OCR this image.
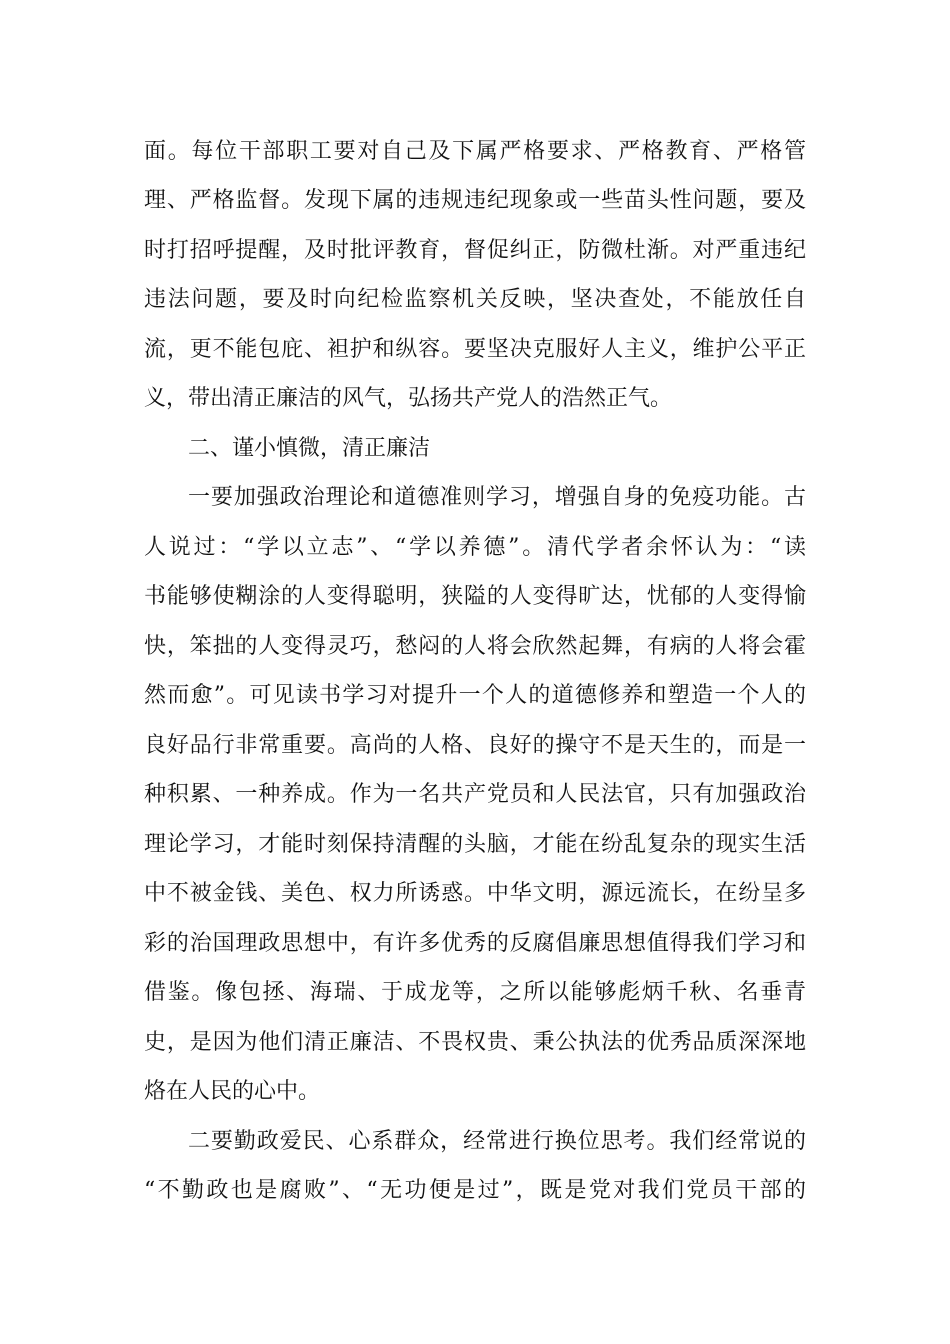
面。每位干部职工要对自己及下属严格要求、严格教育、严格管
理、严格监督。发现下属的违规违纪现象或一些苗头性问题，要及
时打招呼提醒，及时批评教育，督促纠正，防微杜渐。对严重违纪
违法问题，要及时向纪检监察机关反映，坚决查处，不能放任自
流，更不能包庇、袒护和纵容。要坚决克服好人主义，维护公平正
义，带出清正廉洁的风气，弘扬共产党人的浩然正气。
二、谨小慎微，清正廉洁
一要加强政治理论和道德准则学习，增强自身的免疫功能。古
人说过：“学以立志”、“学以养德”。清代学者余怀认为：“读
书能够使糊涂的人变得聪明，狭隘的人变得旷达，忧郁的人变得愉
快，笨拙的人变得灵巧，愁闷的人将会欣然起舞，有病的人将会霍
然而愈”。可见读书学习对提升一个人的道德修养和塑造一个人的
良好品行非常重要。高尚的人格、良好的操守不是天生的，而是一
种积累、一种养成。作为一名共产党员和人民法官，只有加强政治
理论学习，才能时刻保持清醒的头脑，才能在纷乱复杂的现实生活
中不被金钱、美色、权力所诱惑。中华文明，源远流长，在纷呈多
彩的治国理政思想中，有许多优秀的反腐倡廉思想值得我们学习和
借鉴。像包拯、海瑞、于成龙等，之所以能够彪炳千秋、名垂青
史，是因为他们清正廉洁、不畏权贵、秉公执法的优秀品质深深地
烙在人民的心中。
二要勤政爱民、心系群众，经常进行换位思考。我们经常说的
“不勤政也是腐败”、“无功便是过”，既是党对我们党员干部的
